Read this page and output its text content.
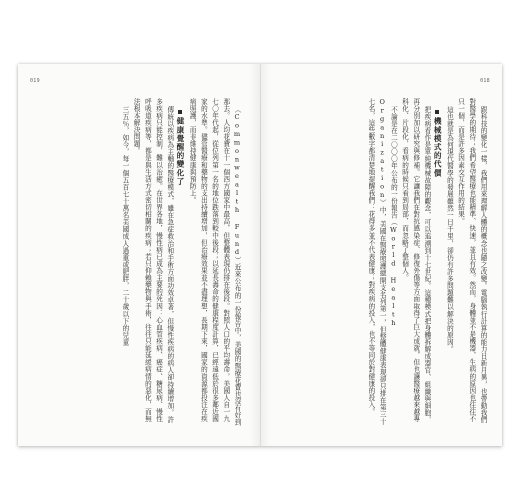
019

（Commonwealth Fund）近來公布的一份報告中，美國的醫療花費也沒有好到那去。人均花費在十一個西方國家中最高，但整體表現仍排在後段。對照人口的平均壽命，美國人自一九七〇年代起，從位列第一名的地位跌落到較中後段；以延長壽命的健康程度計算，已經遠低於很多鄰近國家的水準。儘管醫療和藥物的支出持續增加，但治療效果並不盡理想，長期下來，國家的資源都投注在疾病照護，而非維持健康與預防上。

健康覺醒的變化了

傳統以疾病為主軸的醫療模式，雖在急症救治和手術方面功效卓著，但慢性疾病的病人卻持續增加，許多疾病只能控制，難以治癒。在世界各地，慢性病已成為主要的死因：心血管疾病、癌症、糖尿病、慢性呼吸道疾病等，都是與生活方式密切相關的疾病；若只仰賴藥物與手術，往往只能延緩病情的惡化，而無法根本解決問題。

三五％，如今，每一個五百七十萬名美國成人過重或肥胖，二十歲以下的兒童

018

跟科技的變化一樣，我們用來理解人體的概念也隨之改變。電腦執行計算的能力日新月異，也帶動我們對醫學的期待；我們希望醫療也能精準、快速，並且有效。然而，身體並不是機器，生病的原因也往往不只一個，而是許多因素交互作用的結果。

這也就是為何現代醫學的發展雖然一日千里，卻仍有許多問題難以解決的原因。

機械模式的代價

把疾病看作是單純機械故障的觀念，可以追溯到十七世紀。這種模式把身體拆解成器官、組織與細胞，再分別加以研究與修補。它讓我們在對抗感染症、修復外傷等方面取得了巨大成就，但也讓醫療越來越專科化、片段化，看病的時候只看到局部，而忽略了整個人。

不論是在二〇〇〇年公布的一份報告（World Health Organization）中，美國在醫療照護總開支名列第一，但整體健康表現卻只排在第三十七名，這些數字都清楚地提醒我們：花得多並不代表健康；對疾病的投入，也不等同於對健康的投入。
